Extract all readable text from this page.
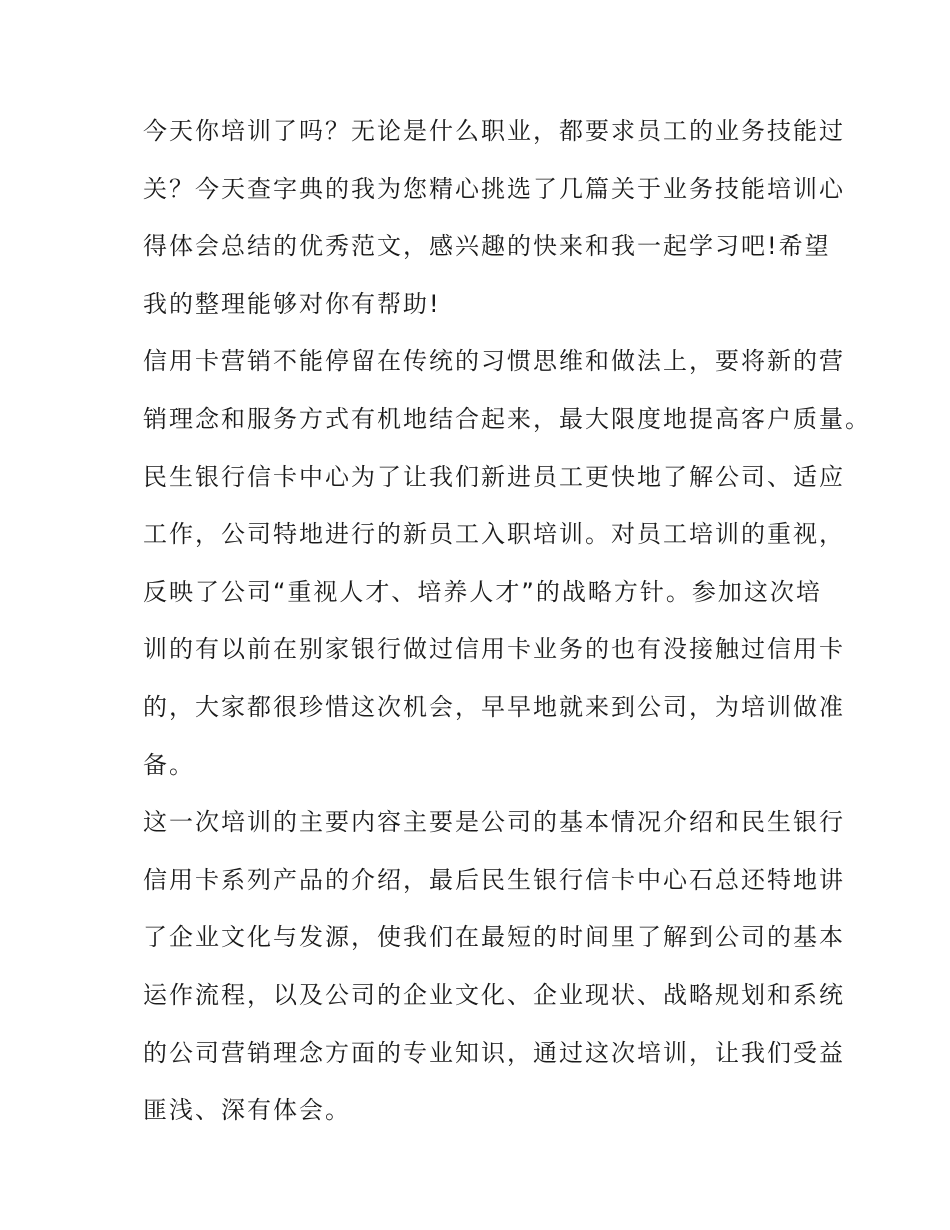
今天你培训了吗？无论是什么职业，都要求员工的业务技能过
关？今天查字典的我为您精心挑选了几篇关于业务技能培训心
得体会总结的优秀范文，感兴趣的快来和我一起学习吧!希望
我的整理能够对你有帮助!
信用卡营销不能停留在传统的习惯思维和做法上，要将新的营
销理念和服务方式有机地结合起来，最大限度地提高客户质量。
民生银行信卡中心为了让我们新进员工更快地了解公司、适应
工作，公司特地进行的新员工入职培训。对员工培训的重视，
反映了公司“重视人才、培养人才”的战略方针。参加这次培
训的有以前在别家银行做过信用卡业务的也有没接触过信用卡
的，大家都很珍惜这次机会，早早地就来到公司，为培训做准
备。
这一次培训的主要内容主要是公司的基本情况介绍和民生银行
信用卡系列产品的介绍，最后民生银行信卡中心石总还特地讲
了企业文化与发源，使我们在最短的时间里了解到公司的基本
运作流程，以及公司的企业文化、企业现状、战略规划和系统
的公司营销理念方面的专业知识，通过这次培训，让我们受益
匪浅、深有体会。
